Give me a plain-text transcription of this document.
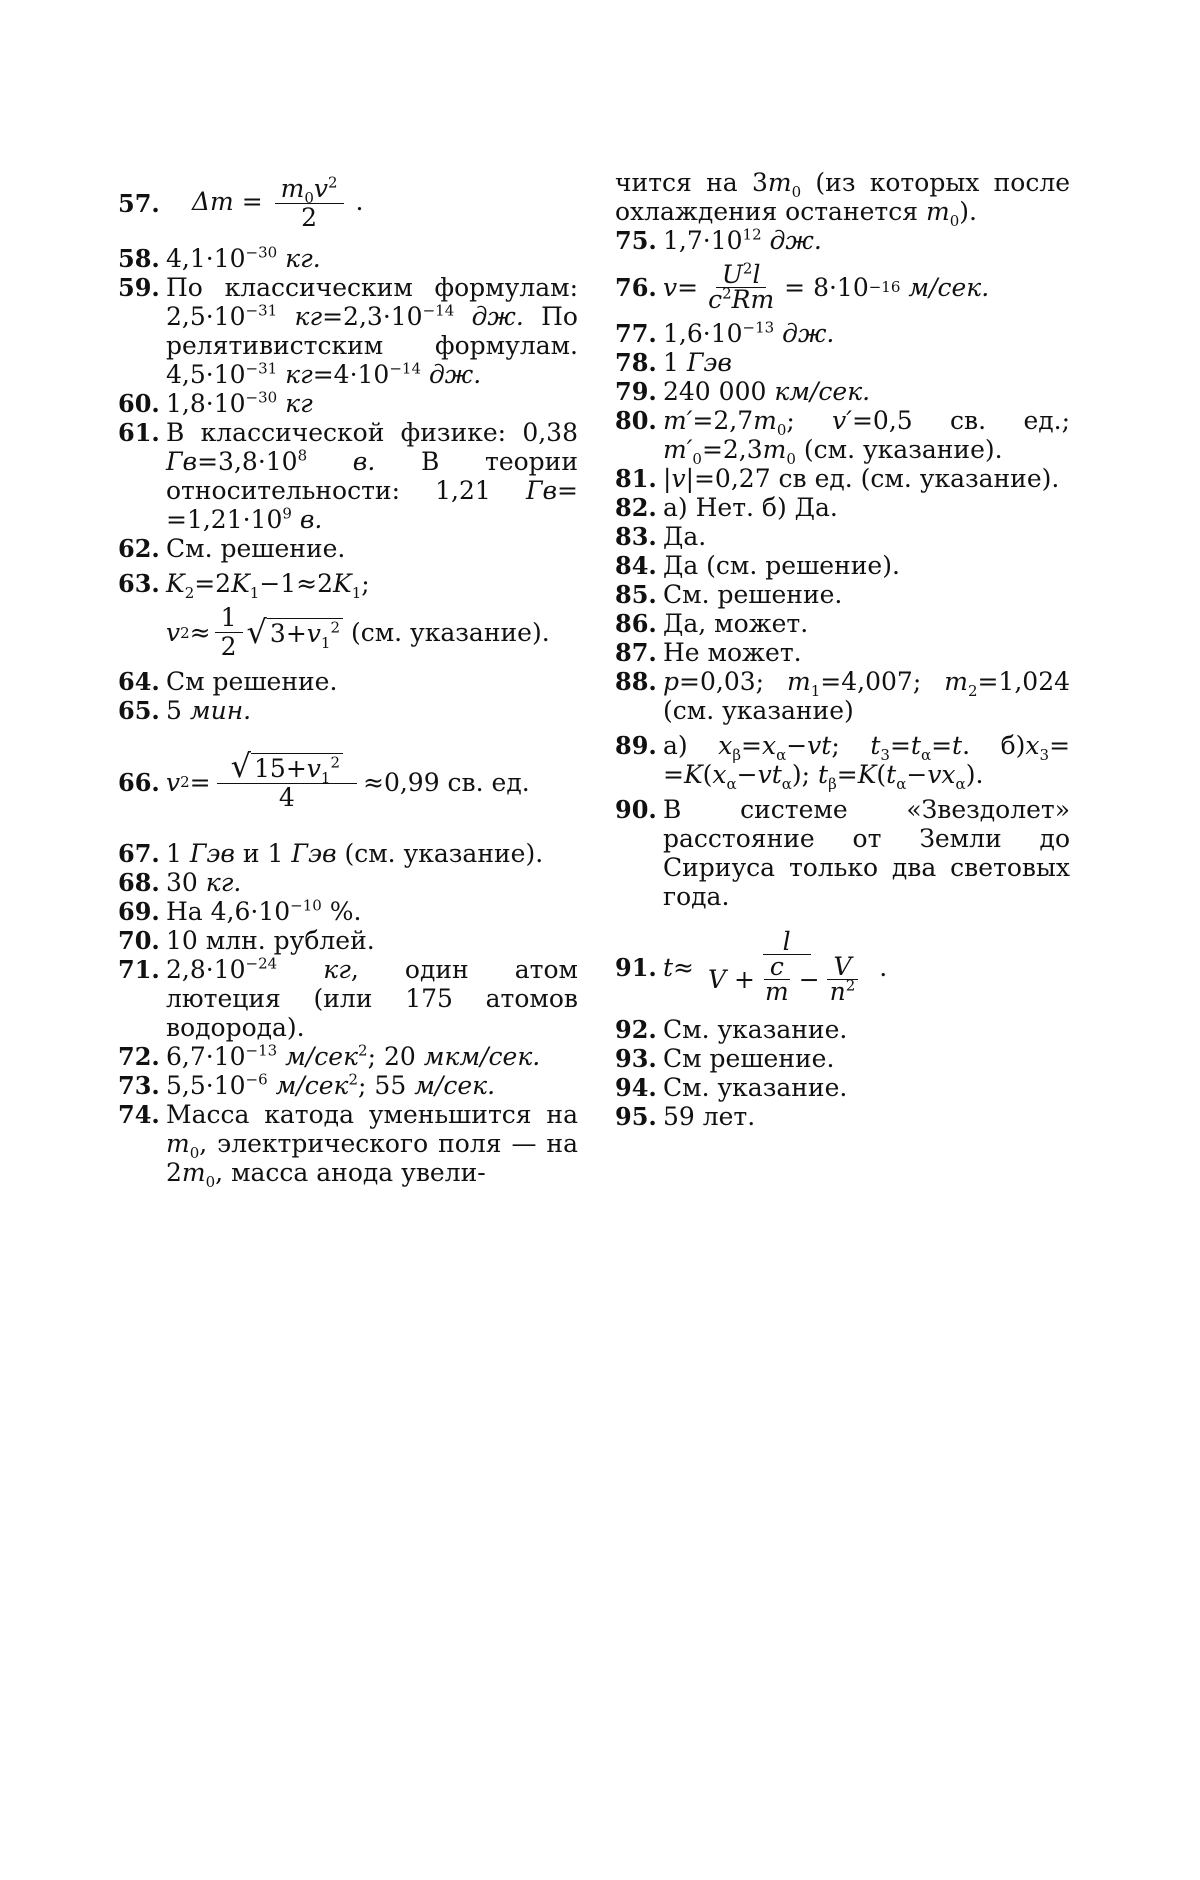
57.	$\Delta m = \frac{m_0v^2}{2}$ .
58. $4,1\cdot 10^{-30}$ кг.
59. По классическим формулам: $2,5\cdot 10^{-31}$ $кг=2,3\cdot 10^{-14}$ дж. По релятивистским формулам. $4,5\cdot 10^{-31}$ $кг=4\cdot 10^{-14}$ дж.
60. $1,8\cdot 10^{-30}$ кг
61. В классической физике: 0,38 $Гв=3,8\cdot 10^8$ в. В теории относительности: 1,21 $Гв= =1,21\cdot 10^9$ в.
62. См. решение.
63. $K_2=2K_1-1\approx 2K_1$;
v $2 \approx \frac{1}{2}$ √ $3+v_1^2$ (см. указание).
64. См решение.
65. 5 мин.
66. v $2 = \frac{√ 15+v_1^2}{4} \approx 0,99$ св. ед.
67. 1 Гэв и 1 Гэв (см. указание).
68. 30 кг.
69. На $4,6\cdot 10^{-10}$ %.
70. 10 млн. рублей.
71. $2,8\cdot 10^{-24}$ кг, один атом лютеция (или 175 атомов водорода).
72. $6,7\cdot 10^{-13}$ м/сек$^2$; 20 мкм/сек.
73. $5,5\cdot 10^{-6}$ м/сек$^2$; 55 м/сек.
74. Масса катода уменьшится на $m_0$, электрического поля — на $2m_0$, масса анода увели-
чится на $3m_0$ (из которых после охлаждения останется $m_0$).
75. $1,7\cdot 10^{12}$ дж.
76. $v = \frac{U^2l}{c^2Rm} = 8\cdot 10 -16$ м/сек.
77. $1,6\cdot 10^{-13}$ дж.
78. 1 Гэв
79. 240 000 км/сек.
80. $m'=2,7m_0$; v′=0,5 св. ед.; $m'_0=2,3m_0$ (см. указание).
81. |v|=0,27 св ед. (см. указание).
82. а) Нет. б) Да.
83. Да.
84. Да (см. решение).
85. См. решение.
86. Да, может.
87. Не может.
88. p=0,03; $m_1=4,007$; $m_2=1,024$ (см. указание)
89. а) $x_\beta=x_\alpha-vt$; $t_3=t_\alpha=t$. $б)x_3= =K(x_\alpha-vt_\alpha)$; $t_\beta=K(t_\alpha-vx_\alpha)$.
90. В системе «Звездолет» расстояние от Земли до Сириуса только два световых года.
91. $t \approx \frac{l}{V + \frac{c}{m} - \frac{V}{n^2}}$ .
92. См. указание.
93. См решение.
94. См. указание.
95. 59 лет.
